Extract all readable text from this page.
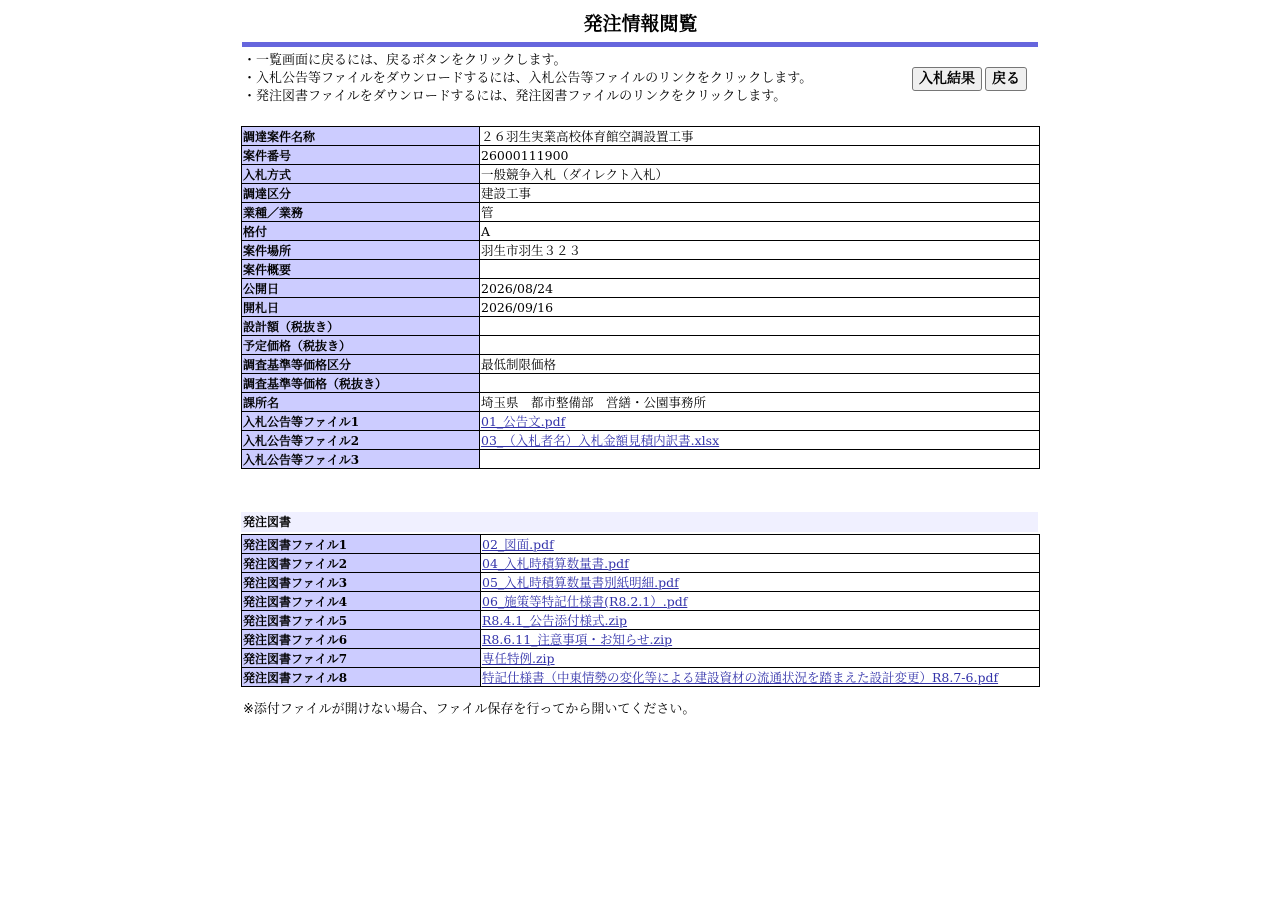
発注情報閲覧
・一覧画面に戻るには、戻るボタンをクリックします。
・入札公告等ファイルをダウンロードするには、入札公告等ファイルのリンクをクリックします。
・発注図書ファイルをダウンロードするには、発注図書ファイルのリンクをクリックします。
入札結果	戻る
調達案件名称	２６羽生実業高校体育館空調設置工事
案件番号	26000111900
入札方式	一般競争入札（ダイレクト入札）
調達区分	建設工事
業種／業務	管
格付	A
案件場所	羽生市羽生３２３
案件概要	
公開日	2026/08/24
開札日	2026/09/16
設計額（税抜き）	
予定価格（税抜き）	
調査基準等価格区分	最低制限価格
調査基準等価格（税抜き）	
課所名	埼玉県　都市整備部　営繕・公園事務所
入札公告等ファイル1	01_公告文.pdf
入札公告等ファイル2	03_（入札者名）入札金額見積内訳書.xlsx
入札公告等ファイル3	
発注図書
発注図書ファイル1	02_図面.pdf
発注図書ファイル2	04_入札時積算数量書.pdf
発注図書ファイル3	05_入札時積算数量書別紙明細.pdf
発注図書ファイル4	06_施策等特記仕様書(R8.2.1）.pdf
発注図書ファイル5	R8.4.1_公告添付様式.zip
発注図書ファイル6	R8.6.11_注意事項・お知らせ.zip
発注図書ファイル7	専任特例.zip
発注図書ファイル8	特記仕様書（中東情勢の変化等による建設資材の流通状況を踏まえた設計変更）R8.7-6.pdf
※添付ファイルが開けない場合、ファイル保存を行ってから開いてください。
